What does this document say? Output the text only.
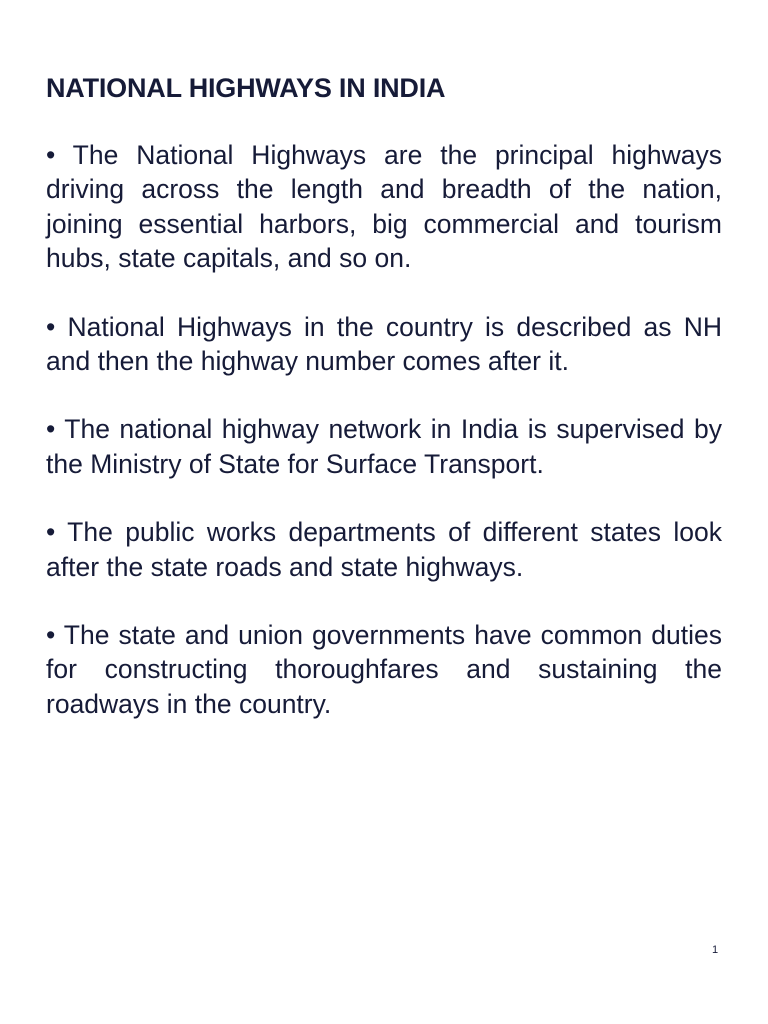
NATIONAL HIGHWAYS IN INDIA

• The National Highways are the principal highways driving across the length and breadth of the nation, joining essential harbors, big commercial and tourism hubs, state capitals, and so on.

• National Highways in the country is described as NH and then the highway number comes after it.

• The national highway network in India is supervised by the Ministry of State for Surface Transport.

• The public works departments of different states look after the state roads and state highways.

• The state and union governments have common duties for constructing thoroughfares and sustaining the roadways in the country.

1
